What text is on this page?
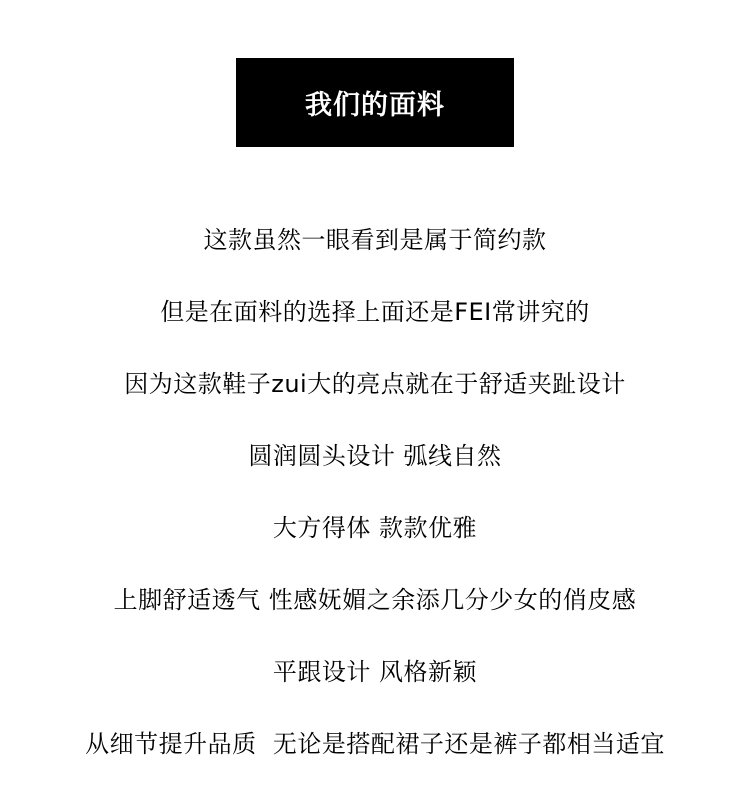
我们的面料
这款虽然一眼看到是属于简约款
但是在面料的选择上面还是FEI常讲究的
因为这款鞋子zui大的亮点就在于舒适夹趾设计
圆润圆头设计 弧线自然
大方得体 款款优雅
上脚舒适透气 性感妩媚之余添几分少女的俏皮感
平跟设计 风格新颖
从细节提升品质  无论是搭配裙子还是裤子都相当适宜
